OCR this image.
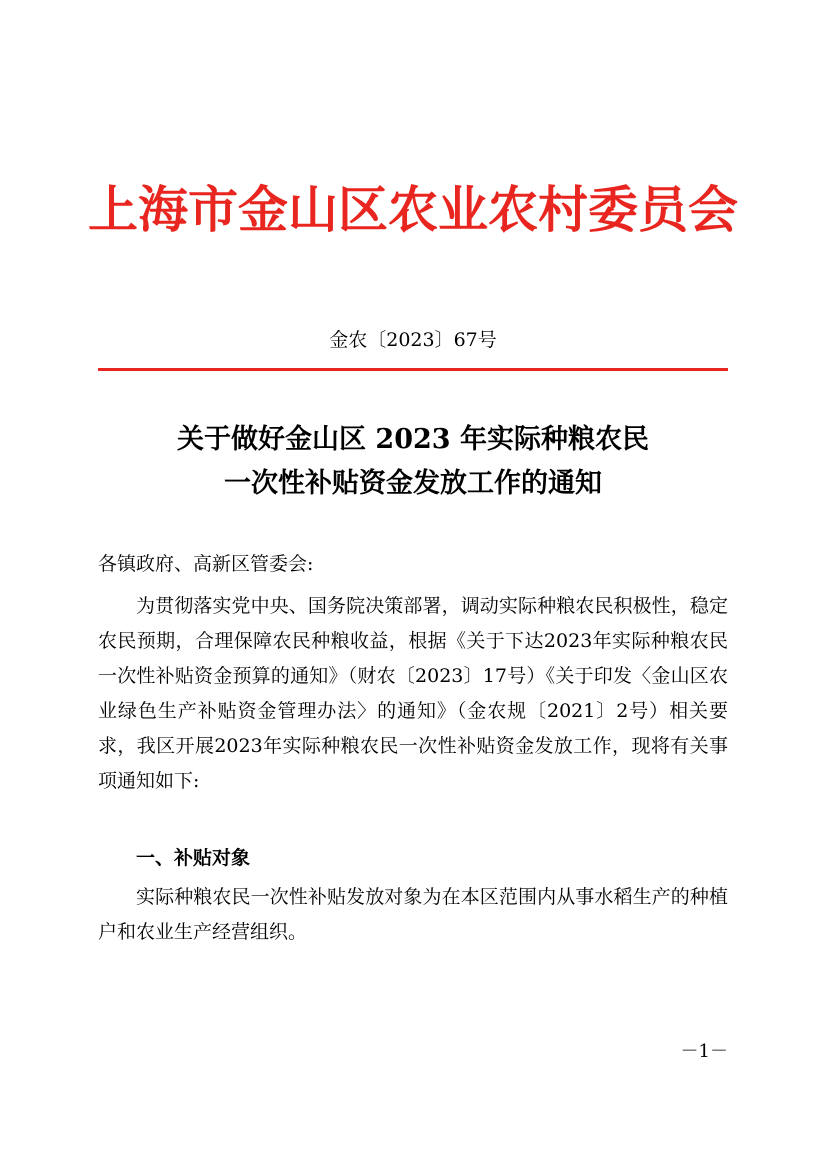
上海市金山区农业农村委员会
金农〔2023〕67号
关于做好金山区 2023 年实际种粮农民
一次性补贴资金发放工作的通知
各镇政府、高新区管委会:
为贯彻落实党中央、国务院决策部署，调动实际种粮农民积极性，稳定农民预期，合理保障农民种粮收益，根据《关于下达2023年实际种粮农民一次性补贴资金预算的通知》（财农〔2023〕17号）《关于印发〈金山区农业绿色生产补贴资金管理办法〉的通知》（金农规〔2021〕2号）相关要求，我区开展2023年实际种粮农民一次性补贴资金发放工作，现将有关事项通知如下:
一、补贴对象
实际种粮农民一次性补贴发放对象为在本区范围内从事水稻生产的种植户和农业生产经营组织。
－1－
